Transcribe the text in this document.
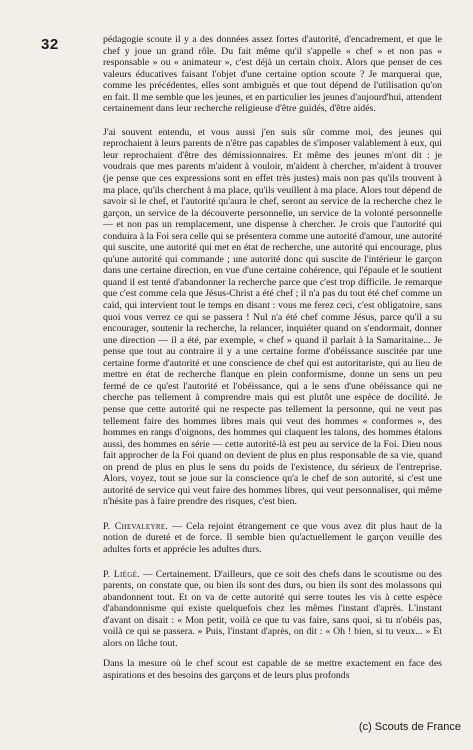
32	pédagogie scoute il y a des données assez fortes d'autorité, d'encadrement, et que le chef y joue un grand rôle. Du fait même qu'il s'appelle « chef » et non pas « responsable » ou « animateur », c'est déjà un certain choix. Alors que penser de ces valeurs éducatives faisant l'objet d'une certaine option scoute ? Je marquerai que, comme les précédentes, elles sont ambiguës et que tout dépend de l'utilisation qu'on en fait. Il me semble que les jeunes, et en particulier les jeunes d'aujourd'hui, attendent certainement dans leur recherche religieuse d'être guidés, d'être aidés.

J'ai souvent entendu, et vous aussi j'en suis sûr comme moi, des jeunes qui reprochaient à leurs parents de n'être pas capables de s'imposer valablement à eux, qui leur reprochaient d'être des démissionnaires. Et même des jeunes m'ont dit : je voudrais que mes parents m'aident à vouloir, m'aident à chercher, m'aident à trouver (je pense que ces expressions sont en effet très justes) mais non pas qu'ils trouvent à ma place, qu'ils cherchent à ma place, qu'ils veuillent à ma place. Alors tout dépend de savoir si le chef, et l'autorité qu'aura le chef, seront au service de la recherche chez le garçon, un service de la découverte personnelle, un service de la volonté personnelle — et non pas un remplacement, une dispense à chercher. Je crois que l'autorité qui conduira à la Foi sera celle qui se présentera comme une autorité d'amour, une autorité qui suscite, une autorité qui met en état de recherche, une autorité qui encourage, plus qu'une autorité qui commande ; une autorité donc qui suscite de l'intérieur le garçon dans une certaine direction, en vue d'une certaine cohérence, qui l'épaule et le soutient quand il est tenté d'abandonner la recherche parce que c'est trop difficile. Je remarque que c'est comme cela que Jésus-Christ a été chef ; il n'a pas du tout été chef comme un caïd, qui intervient tout le temps en disant : vous me ferez ceci, c'est obligatoire, sans quoi vous verrez ce qui se passera ! Nul n'a été chef comme Jésus, parce qu'il a su encourager, soutenir la recherche, la relancer, inquiéter quand on s'endormait, donner une direction — il a été, par exemple, « chef » quand il parlait à la Samaritaine... Je pense que tout au contraire il y a une certaine forme d'obéissance suscitée par une certaine forme d'autorité et une conscience de chef qui est autoritariste, qui au lieu de mettre en état de recherche flanque en plein conformisme, donne un sens un peu fermé de ce qu'est l'autorité et l'obéissance, qui a le sens d'une obéissance qui ne cherche pas tellement à comprendre mais qui est plutôt une espèce de docilité. Je pense que cette autorité qui ne respecte pas tellement la personne, qui ne veut pas tellement faire des hommes libres mais qui veut des hommes « conformes », des hommes en rangs d'oignons, des hommes qui claquent les talons, des hommes étalons aussi, des hommes en série — cette autorité-là est peu au service de la Foi. Dieu nous fait approcher de la Foi quand on devient de plus en plus responsable de sa vie, quand on prend de plus en plus le sens du poids de l'existence, du sérieux de l'entreprise. Alors, voyez, tout se joue sur la conscience qu'a le chef de son autorité, si c'est une autorité de service qui veut faire des hommes libres, qui veut personnaliser, qui même n'hésite pas à faire prendre des risques, c'est bien.

P. Chevaleyre. — Cela rejoint étrangement ce que vous avez dit plus haut de la notion de dureté et de force. Il semble bien qu'actuellement le garçon veuille des adultes forts et apprécie les adultes durs.

P. Liégé. — Certainement. D'ailleurs, que ce soit des chefs dans le scoutisme ou des parents, on constate que, ou bien ils sont des durs, ou bien ils sont des molassons qui abandonnent tout. Et on va de cette autorité qui serre toutes les vis à cette espèce d'abandonnisme qui existe quelquefois chez les mêmes l'instant d'après. L'instant d'avant on disait : « Mon petit, voilà ce que tu vas faire, sans quoi, si tu n'obéis pas, voilà ce qui se passera. » Puis, l'instant d'après, on dit : « Oh ! bien, si tu veux... » Et alors on lâche tout.

Dans la mesure où le chef scout est capable de se mettre exactement en face des aspirations et des besoins des garçons et de leurs plus profonds

(c) Scouts de France
